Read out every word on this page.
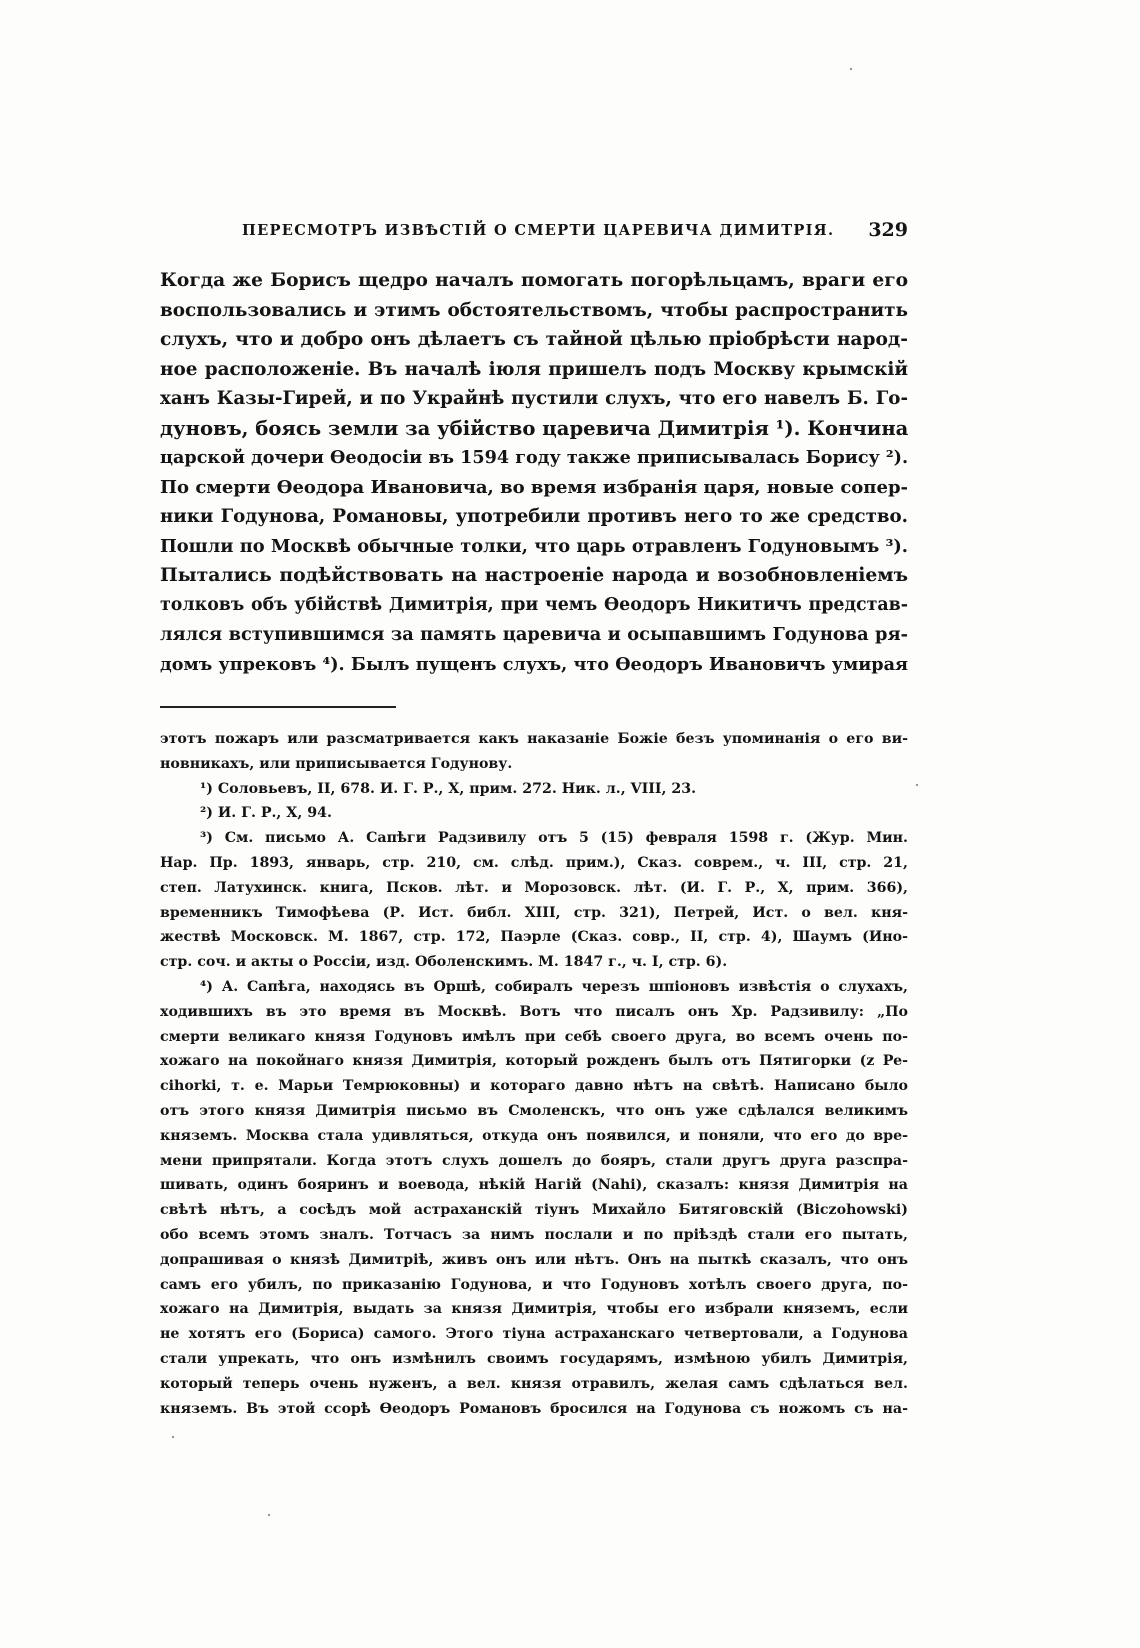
ПЕРЕСМОТРЪ ИЗВѢСТІЙ О СМЕРТИ ЦАРЕВИЧА ДИМИТРІЯ. 329
Когда же Борисъ щедро началъ помогать погорѣльцамъ, враги его
воспользовались и этимъ обстоятельствомъ, чтобы распространить
слухъ, что и добро онъ дѣлаетъ съ тайной цѣлью пріобрѣсти народ-
ное расположеніе. Въ началѣ іюля пришелъ подъ Москву крымскій
ханъ Казы-Гирей, и по Украйнѣ пустили слухъ, что его навелъ Б. Го-
дуновъ, боясь земли за убійство царевича Димитрія ¹). Кончина
царской дочери Ѳеодосіи въ 1594 году также приписывалась Борису ²).
По смерти Ѳеодора Ивановича, во время избранія царя, новые сопер-
ники Годунова, Романовы, употребили противъ него то же средство.
Пошли по Москвѣ обычные толки, что царь отравленъ Годуновымъ ³).
Пытались подѣйствовать на настроеніе народа и возобновленіемъ
толковъ объ убійствѣ Димитрія, при чемъ Ѳеодоръ Никитичъ представ-
лялся вступившимся за память царевича и осыпавшимъ Годунова ря-
домъ упрековъ ⁴). Былъ пущенъ слухъ, что Ѳеодоръ Ивановичъ умирая
этотъ пожаръ или разсматривается какъ наказаніе Божіе безъ упоминанія о его ви-
новникахъ, или приписывается Годунову.
¹) Соловьевъ, II, 678. И. Г. Р., X, прим. 272. Ник. л., VIII, 23.
²) И. Г. Р., X, 94.
³) См. письмо А. Сапѣги Радзивилу отъ 5 (15) февраля 1598 г. (Жур. Мин.
Нар. Пр. 1893, январь, стр. 210, см. слѣд. прим.), Сказ. соврем., ч. III, стр. 21,
степ. Латухинск. книга, Псков. лѣт. и Морозовск. лѣт. (И. Г. Р., X, прим. 366),
временникъ Тимофѣева (Р. Ист. библ. XIII, стр. 321), Петрей, Ист. о вел. кня-
жествѣ Московск. М. 1867, стр. 172, Паэрле (Сказ. совр., II, стр. 4), Шаумъ (Ино-
стр. соч. и акты о Россіи, изд. Оболенскимъ. М. 1847 г., ч. I, стр. 6).
⁴) А. Сапѣга, находясь въ Оршѣ, собиралъ черезъ шпіоновъ извѣстія о слухахъ,
ходившихъ въ это время въ Москвѣ. Вотъ что писалъ онъ Хр. Радзивилу: „По
смерти великаго князя Годуновъ имѣлъ при себѣ своего друга, во всемъ очень по-
хожаго на покойнаго князя Димитрія, который рожденъ былъ отъ Пятигорки (z Pe-
cihorki, т. е. Марьи Темрюковны) и котораго давно нѣтъ на свѣтѣ. Написано было
отъ этого князя Димитрія письмо въ Смоленскъ, что онъ уже сдѣлался великимъ
княземъ. Москва стала удивляться, откуда онъ появился, и поняли, что его до вре-
мени припрятали. Когда этотъ слухъ дошелъ до бояръ, стали другъ друга разспра-
шивать, одинъ бояринъ и воевода, нѣкій Нагій (Nahi), сказалъ: князя Димитрія на
свѣтѣ нѣтъ, а сосѣдъ мой астраханскій тіунъ Михайло Битяговскій (Biczohowski)
обо всемъ этомъ зналъ. Тотчасъ за нимъ послали и по пріѣздѣ стали его пытать,
допрашивая о князѣ Димитріѣ, живъ онъ или нѣтъ. Онъ на пыткѣ сказалъ, что онъ
самъ его убилъ, по приказанію Годунова, и что Годуновъ хотѣлъ своего друга, по-
хожаго на Димитрія, выдать за князя Димитрія, чтобы его избрали княземъ, если
не хотятъ его (Бориса) самого. Этого тіуна астраханскаго четвертовали, а Годунова
стали упрекать, что онъ измѣнилъ своимъ государямъ, измѣною убилъ Димитрія,
который теперь очень нуженъ, а вел. князя отравилъ, желая самъ сдѣлаться вел.
княземъ. Въ этой ссорѣ Ѳеодоръ Романовъ бросился на Годунова съ ножомъ съ на-
